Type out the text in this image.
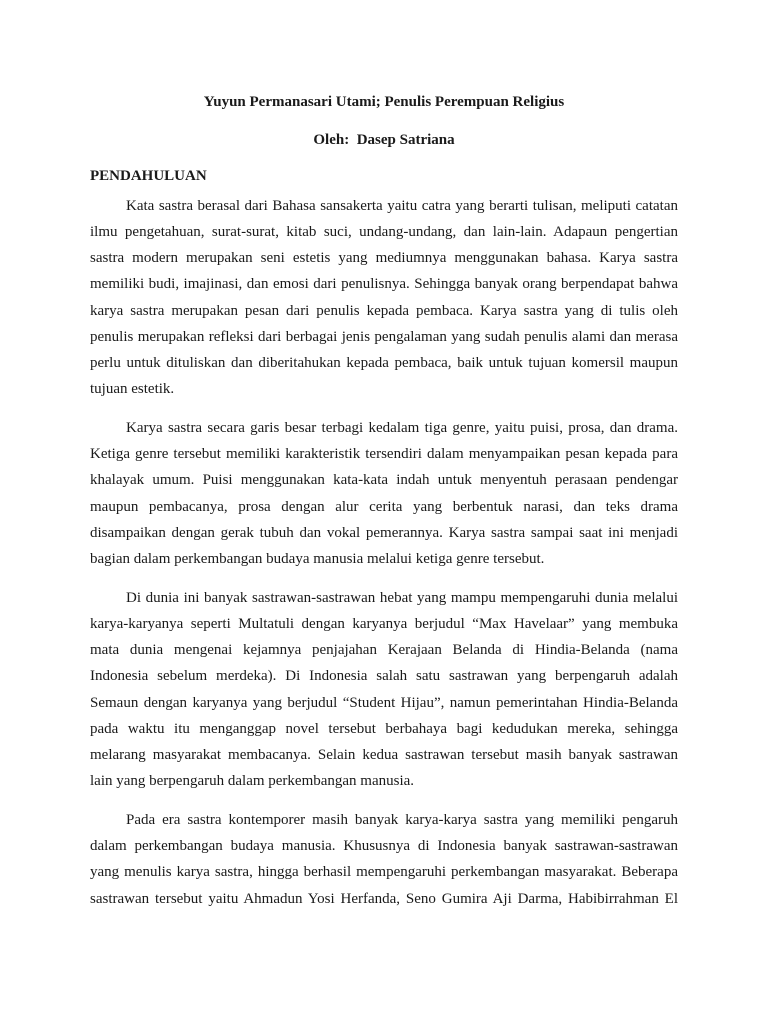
Yuyun Permanasari Utami; Penulis Perempuan Religius
Oleh:  Dasep Satriana
PENDAHULUAN
Kata sastra berasal dari Bahasa sansakerta yaitu catra yang berarti tulisan, meliputi catatan
ilmu pengetahuan, surat-surat, kitab suci, undang-undang, dan lain-lain. Adapaun pengertian
sastra modern merupakan seni estetis yang mediumnya menggunakan bahasa. Karya sastra
memiliki budi, imajinasi, dan emosi dari penulisnya. Sehingga banyak orang berpendapat bahwa
karya sastra merupakan pesan dari penulis kepada pembaca. Karya sastra yang di tulis oleh
penulis merupakan refleksi dari berbagai jenis pengalaman yang sudah penulis alami dan merasa
perlu untuk dituliskan dan diberitahukan kepada pembaca, baik untuk tujuan komersil maupun
tujuan estetik.
Karya sastra secara garis besar terbagi kedalam tiga genre, yaitu puisi, prosa, dan drama.
Ketiga genre tersebut memiliki karakteristik tersendiri dalam menyampaikan pesan kepada para
khalayak umum. Puisi menggunakan kata-kata indah untuk menyentuh perasaan pendengar
maupun pembacanya, prosa dengan alur cerita yang berbentuk narasi, dan teks drama
disampaikan dengan gerak tubuh dan vokal pemerannya. Karya sastra sampai saat ini menjadi
bagian dalam perkembangan budaya manusia melalui ketiga genre tersebut.
Di dunia ini banyak sastrawan-sastrawan hebat yang mampu mempengaruhi dunia melalui
karya-karyanya seperti Multatuli dengan karyanya berjudul “Max Havelaar” yang membuka
mata dunia mengenai kejamnya penjajahan Kerajaan Belanda di Hindia-Belanda (nama
Indonesia sebelum merdeka). Di Indonesia salah satu sastrawan yang berpengaruh adalah
Semaun dengan karyanya yang berjudul “Student Hijau”, namun pemerintahan Hindia-Belanda
pada waktu itu menganggap novel tersebut berbahaya bagi kedudukan mereka, sehingga
melarang masyarakat membacanya. Selain kedua sastrawan tersebut masih banyak sastrawan
lain yang berpengaruh dalam perkembangan manusia.
Pada era sastra kontemporer masih banyak karya-karya sastra yang memiliki pengaruh
dalam perkembangan budaya manusia. Khususnya di Indonesia banyak sastrawan-sastrawan
yang menulis karya sastra, hingga berhasil mempengaruhi perkembangan masyarakat. Beberapa
sastrawan tersebut yaitu Ahmadun Yosi Herfanda, Seno Gumira Aji Darma, Habibirrahman El
